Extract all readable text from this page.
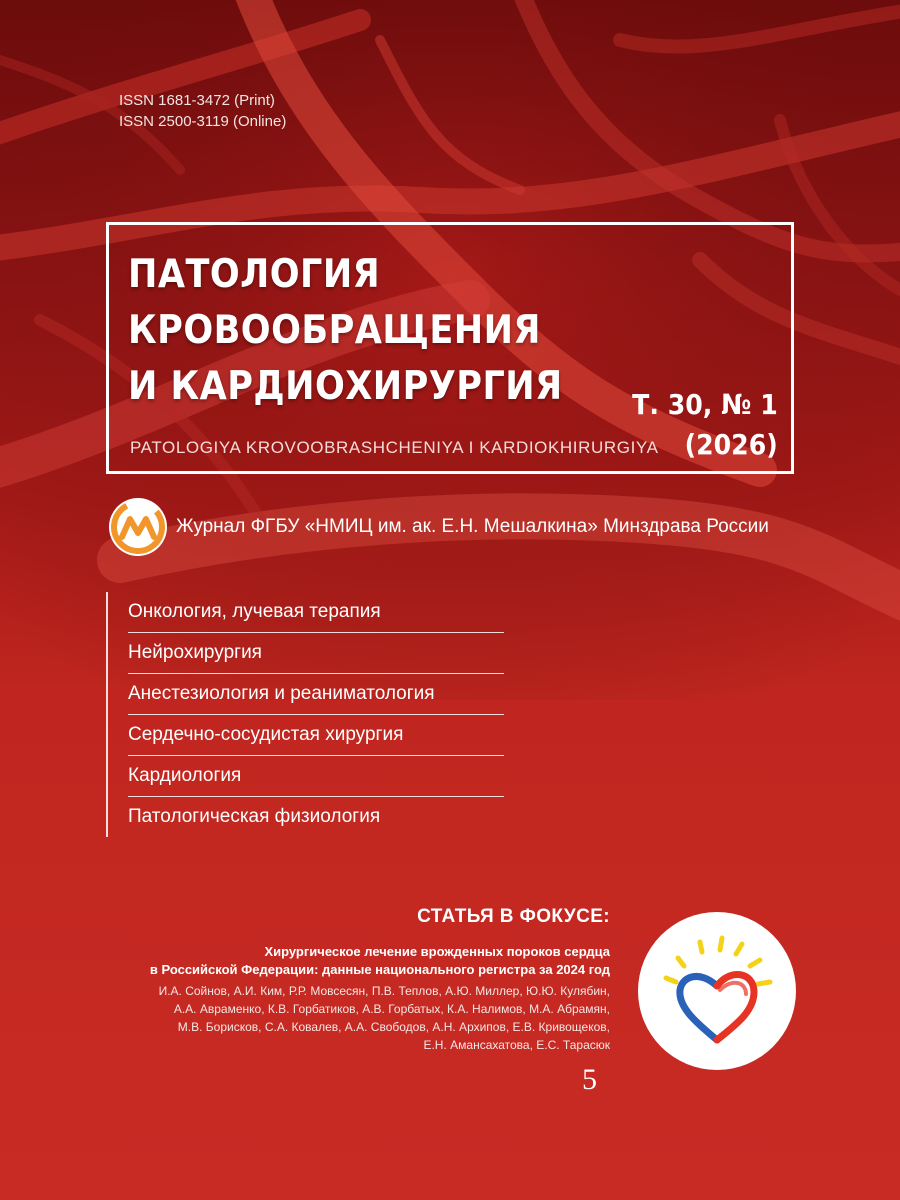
ISSN 1681-3472 (Print)
ISSN 2500-3119 (Online)
ПАТОЛОГИЯ
КРОВООБРАЩЕНИЯ
И КАРДИОХИРУРГИЯ
PATOLOGIYA KROVOOBRASHCHENIYA I KARDIOKHIRURGIYA
Т. 30, № 1
(2026)
Журнал ФГБУ «НМИЦ им. ак. Е.Н. Мешалкина» Минздрава России
Онкология, лучевая терапия
Нейрохирургия
Анестезиология и реаниматология
Сердечно-сосудистая хирургия
Кардиология
Патологическая физиология
СТАТЬЯ В ФОКУСЕ:
Хирургическое лечение врожденных пороков сердца
в Российской Федерации: данные национального регистра за 2024 год
И.А. Сойнов, А.И. Ким, Р.Р. Мовсесян, П.В. Теплов, А.Ю. Миллер, Ю.Ю. Кулябин,
А.А. Авраменко, К.В. Горбатиков, А.В. Горбатых, К.А. Налимов, М.А. Абрамян,
М.В. Борисков, С.А. Ковалев, А.А. Свободов, А.Н. Архипов, Е.В. Кривощеков,
Е.Н. Амансахатова, Е.С. Тарасюк
5
